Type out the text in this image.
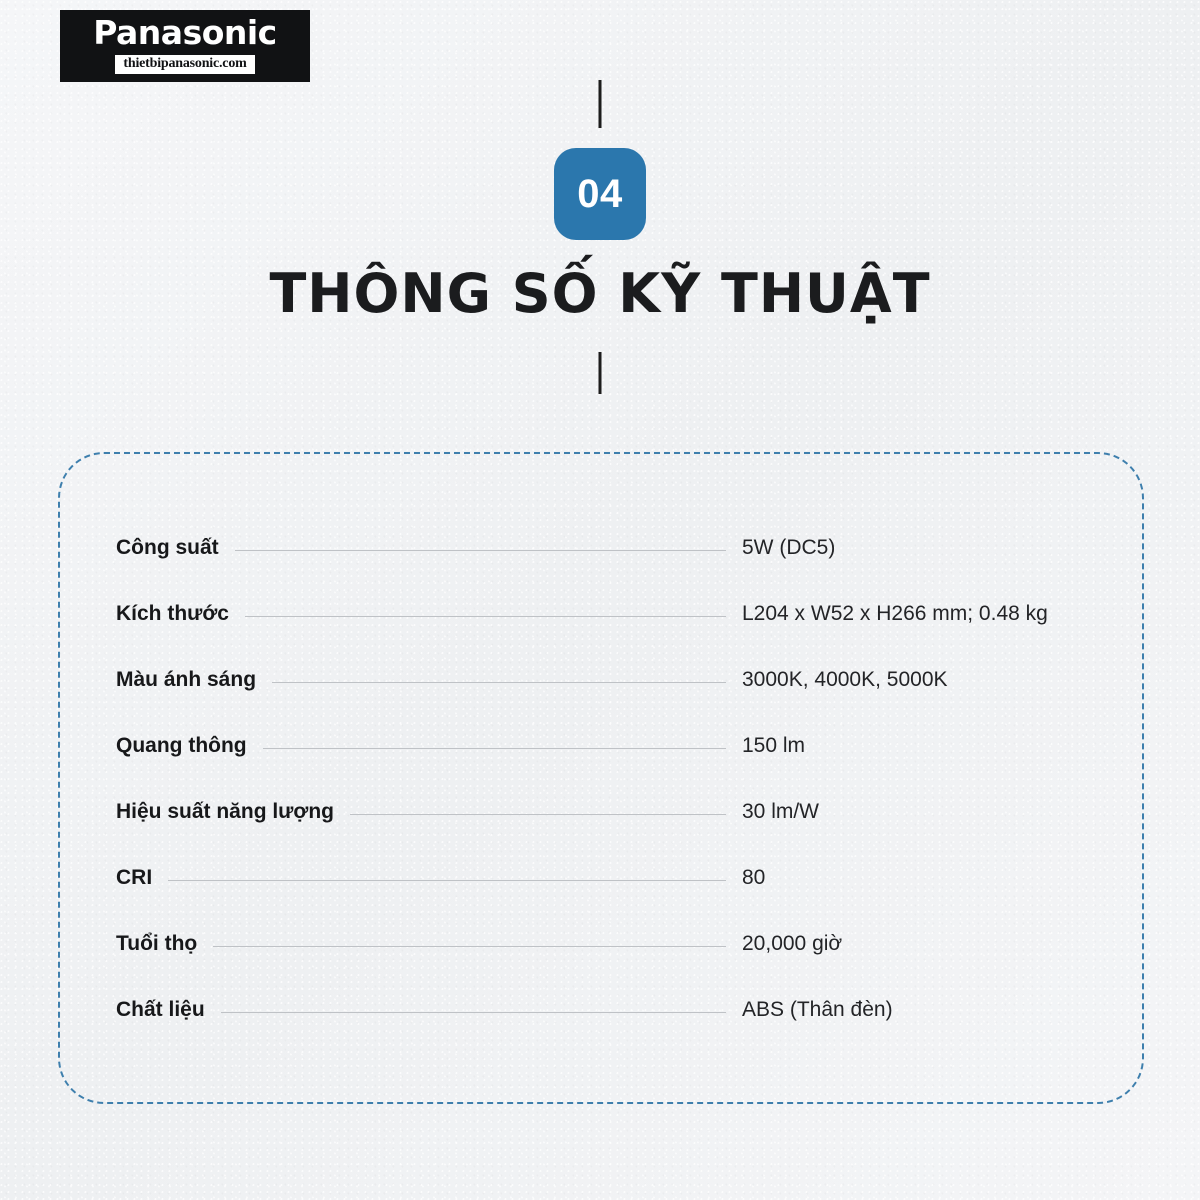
Panasonic
thietbipanasonic.com
04
THÔNG SỐ KỸ THUẬT
Công suất	5W (DC5)
Kích thước	L204 x W52 x H266 mm; 0.48 kg
Màu ánh sáng	3000K, 4000K, 5000K
Quang thông	150 lm
Hiệu suất năng lượng	30 lm/W
CRI	80
Tuổi thọ	20,000 giờ
Chất liệu	ABS (Thân đèn)
